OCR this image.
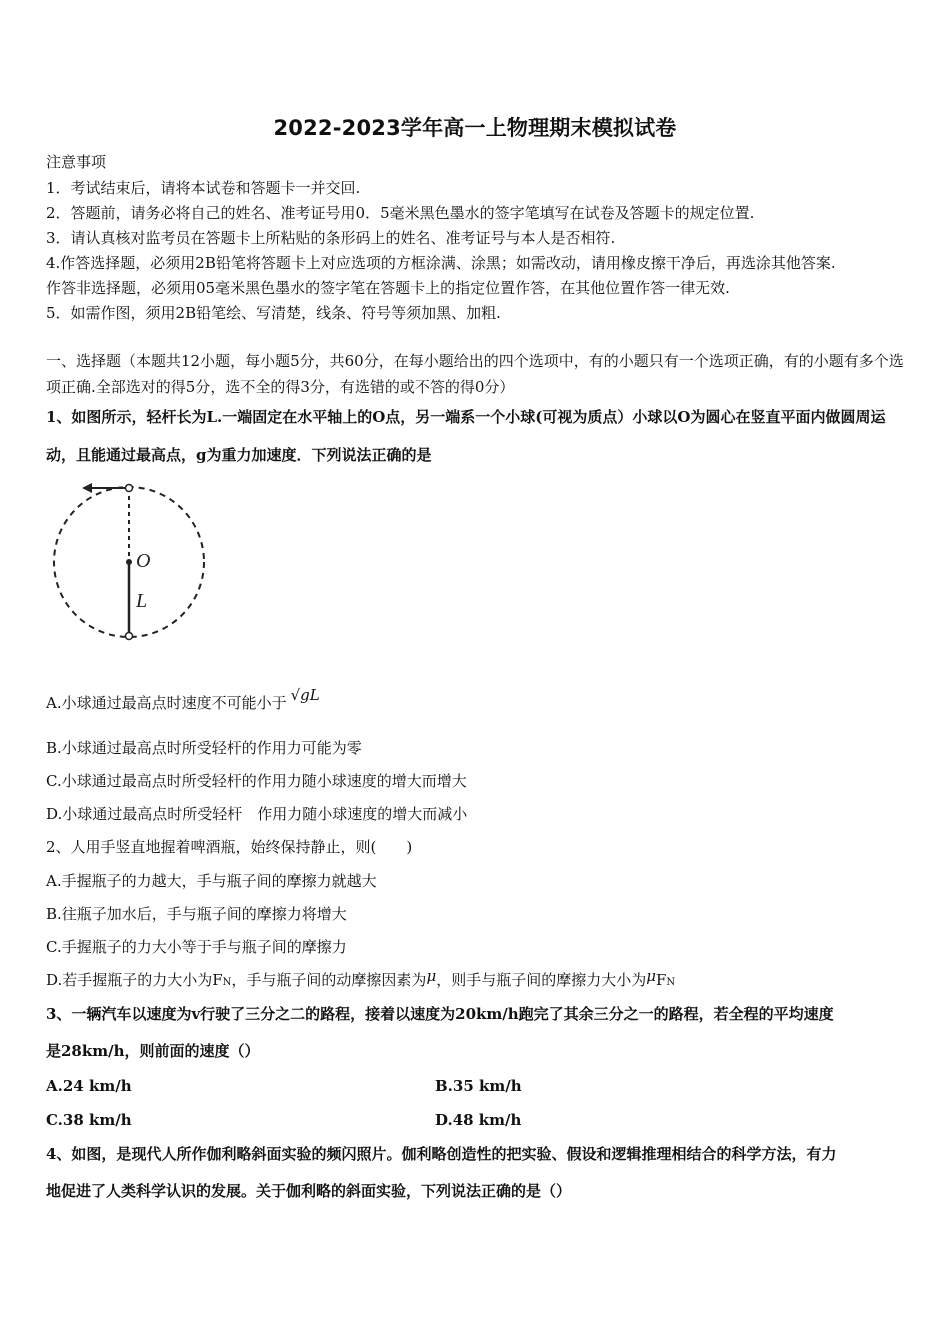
2022-2023学年高一上物理期末模拟试卷
注意事项
1．考试结束后，请将本试卷和答题卡一并交回.
2．答题前，请务必将自己的姓名、准考证号用0．5毫米黑色墨水的签字笔填写在试卷及答题卡的规定位置.
3．请认真核对监考员在答题卡上所粘贴的条形码上的姓名、准考证号与本人是否相符.
4.作答选择题，必须用2B铅笔将答题卡上对应选项的方框涂满、涂黑；如需改动，请用橡皮擦干净后，再选涂其他答案.
作答非选择题，必须用05毫米黑色墨水的签字笔在答题卡上的指定位置作答，在其他位置作答一律无效.
5．如需作图，须用2B铅笔绘、写清楚，线条、符号等须加黑、加粗.
一、选择题（本题共12小题，每小题5分，共60分，在每小题给出的四个选项中，有的小题只有一个选项正确，有的小题有多个选项正确.全部选对的得5分，选不全的得3分，有选错的或不答的得0分）
1、如图所示，轻杆长为L.一端固定在水平轴上的O点，另一端系一个小球(可视为质点）小球以O为圆心在竖直平面内做圆周运动，且能通过最高点，g为重力加速度．下列说法正确的是
O
L
A.小球通过最高点时速度不可能小于 √gL
B.小球通过最高点时所受轻杆的作用力可能为零
C.小球通过最高点时所受轻杆的作用力随小球速度的增大而增大
D.小球通过最高点时所受轻杆　作用力随小球速度的增大而减小
2、人用手竖直地握着啤酒瓶，始终保持静止，则(　　)
A.手握瓶子的力越大，手与瓶子间的摩擦力就越大
B.往瓶子加水后，手与瓶子间的摩擦力将增大
C.手握瓶子的力大小等于手与瓶子间的摩擦力
D.若手握瓶子的力大小为FN，手与瓶子间的动摩擦因素为μ，则手与瓶子间的摩擦力大小为μFN
3、一辆汽车以速度为v行驶了三分之二的路程，接着以速度为20km/h跑完了其余三分之一的路程，若全程的平均速度
是28km/h，则前面的速度（）
A.24 km/h	B.35 km/h
C.38 km/h	D.48 km/h
4、如图，是现代人所作伽利略斜面实验的频闪照片。伽利略创造性的把实验、假设和逻辑推理相结合的科学方法，有力
地促进了人类科学认识的发展。关于伽利略的斜面实验，下列说法正确的是（）
